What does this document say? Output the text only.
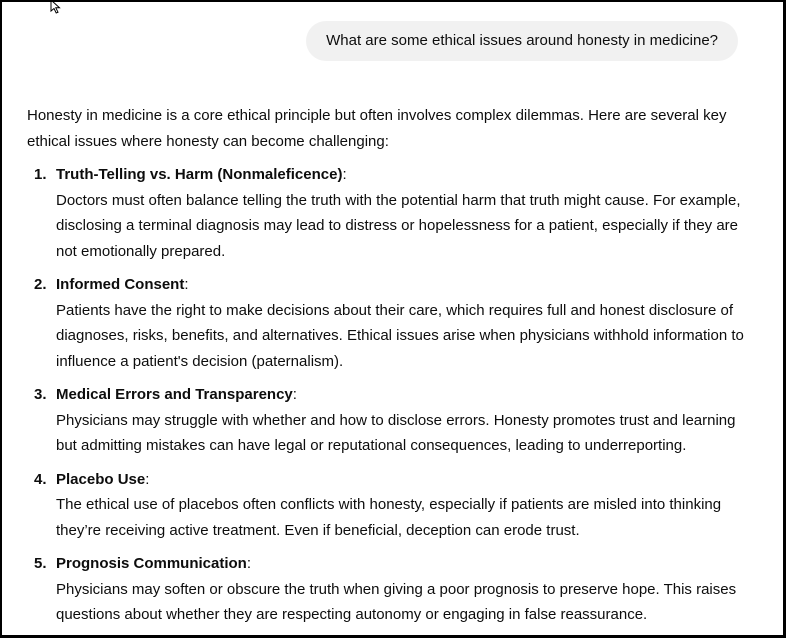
What are some ethical issues around honesty in medicine?

Honesty in medicine is a core ethical principle but often involves complex dilemmas. Here are several key ethical issues where honesty can become challenging:

1. Truth-Telling vs. Harm (Nonmaleficence):
Doctors must often balance telling the truth with the potential harm that truth might cause. For example, disclosing a terminal diagnosis may lead to distress or hopelessness for a patient, especially if they are not emotionally prepared.
2. Informed Consent:
Patients have the right to make decisions about their care, which requires full and honest disclosure of diagnoses, risks, benefits, and alternatives. Ethical issues arise when physicians withhold information to influence a patient's decision (paternalism).
3. Medical Errors and Transparency:
Physicians may struggle with whether and how to disclose errors. Honesty promotes trust and learning but admitting mistakes can have legal or reputational consequences, leading to underreporting.
4. Placebo Use:
The ethical use of placebos often conflicts with honesty, especially if patients are misled into thinking they’re receiving active treatment. Even if beneficial, deception can erode trust.
5. Prognosis Communication:
Physicians may soften or obscure the truth when giving a poor prognosis to preserve hope. This raises questions about whether they are respecting autonomy or engaging in false reassurance.
